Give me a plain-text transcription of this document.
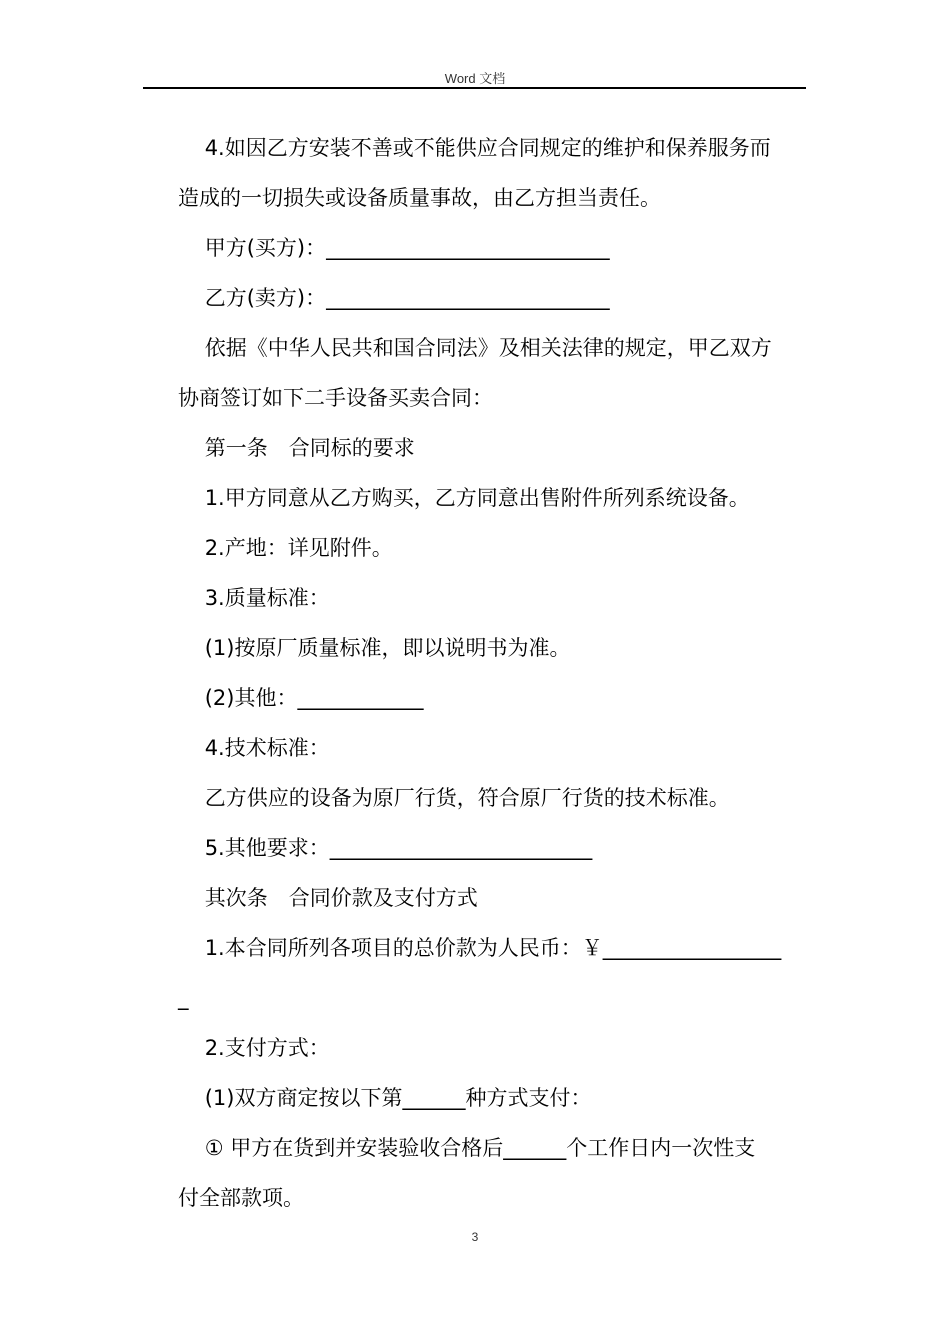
Word 文档
4.如因乙方安装不善或不能供应合同规定的维护和保养服务而
造成的一切损失或设备质量事故，由乙方担当责任。
甲方(买方)：___________________________
乙方(卖方)：___________________________
依据《中华人民共和国合同法》及相关法律的规定，甲乙双方
协商签订如下二手设备买卖合同：
第一条　合同标的要求
1.甲方同意从乙方购买，乙方同意出售附件所列系统设备。
2.产地：详见附件。
3.质量标准：
(1)按原厂质量标准，即以说明书为准。
(2)其他：____________
4.技术标准：
乙方供应的设备为原厂行货，符合原厂行货的技术标准。
5.其他要求：_________________________
其次条　合同价款及支付方式
1.本合同所列各项目的总价款为人民币：￥_________________
_
2.支付方式：
(1)双方商定按以下第______种方式支付：
① 甲方在货到并安装验收合格后______个工作日内一次性支
付全部款项。
3
